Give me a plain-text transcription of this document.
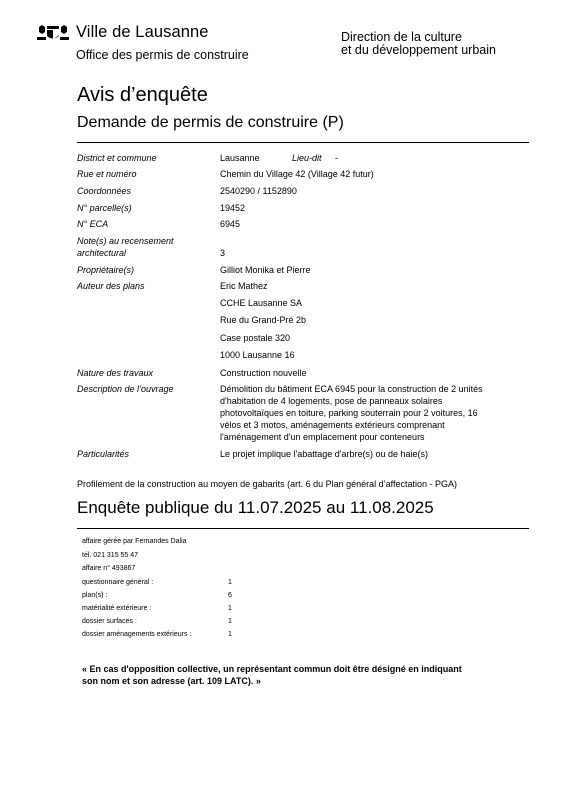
Ville de Lausanne
Office des permis de construire
Direction de la culture
et du développement urbain
Avis d’enquête
Demande de permis de construire (P)
District et commune	Lausanne	Lieu-dit -
Rue et numéro	Chemin du Village 42 (Village 42 futur)
Coordonnées	2540290 / 1152890
N° parcelle(s)	19452
N° ECA	6945
Note(s) au recensement
architectural	3
Propriétaire(s)	Gilliot Monika et Pierre
Auteur des plans	Eric Mathez
CCHE Lausanne SA
Rue du Grand-Pré 2b
Case postale 320
1000 Lausanne 16
Nature des travaux	Construction nouvelle
Description de l’ouvrage	Démolition du bâtiment ECA 6945 pour la construction de 2 unités
d'habitation de 4 logements, pose de panneaux solaires
photovoltaïques en toiture, parking souterrain pour 2 voitures, 16
vélos et 3 motos, aménagements extérieurs comprenant
l'aménagement d'un emplacement pour conteneurs
Particularités	Le projet implique l'abattage d'arbre(s) ou de haie(s)
Profilement de la construction au moyen de gabarits (art. 6 du Plan général d’affectation - PGA)
Enquête publique du 11.07.2025 au 11.08.2025
affaire gérée par Fernandes Dalia
tél. 021 315 55 47
affaire n° 493867
questionnaire général :	1
plan(s) :	6
matérialité extérieure :	1
dossier surfaces :	1
dossier aménagements extérieurs :	1
« En cas d'opposition collective, un représentant commun doit être désigné en indiquant
son nom et son adresse (art. 109 LATC). »
